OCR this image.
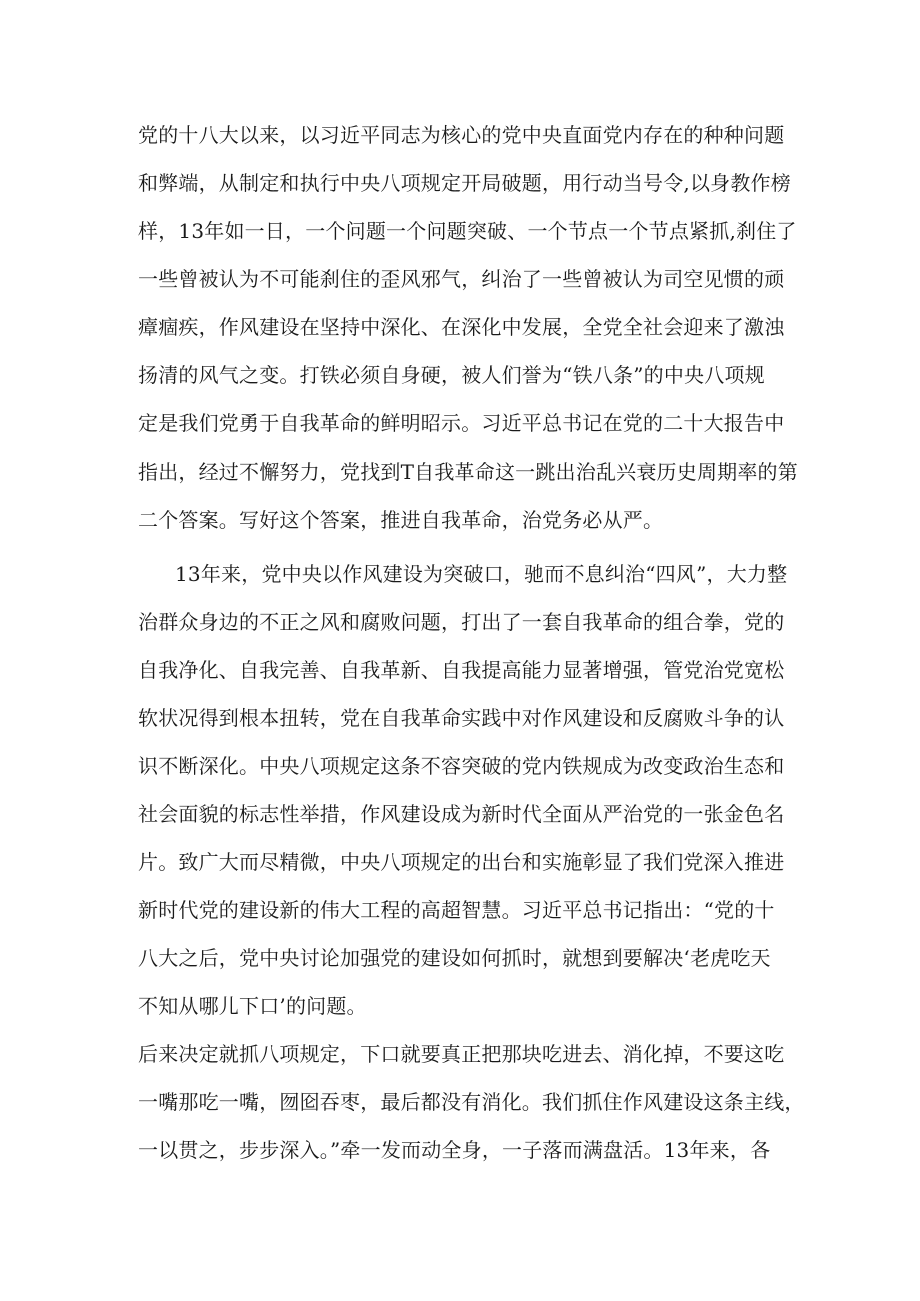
党的十八大以来，以习近平同志为核心的党中央直面党内存在的种种问题
和弊端，从制定和执行中央八项规定开局破题，用行动当号令,以身教作榜
样，13年如一日，一个问题一个问题突破、一个节点一个节点紧抓,刹住了
一些曾被认为不可能刹住的歪风邪气，纠治了一些曾被认为司空见惯的顽
瘴痼疾，作风建设在坚持中深化、在深化中发展，全党全社会迎来了激浊
扬清的风气之变。打铁必须自身硬，被人们誉为“铁八条”的中央八项规
定是我们党勇于自我革命的鲜明昭示。习近平总书记在党的二十大报告中
指出，经过不懈努力，党找到T自我革命这一跳出治乱兴衰历史周期率的第
二个答案。写好这个答案，推进自我革命，治党务必从严。
13年来，党中央以作风建设为突破口，驰而不息纠治“四风”，大力整
治群众身边的不正之风和腐败问题，打出了一套自我革命的组合拳，党的
自我净化、自我完善、自我革新、自我提高能力显著增强，管党治党宽松
软状况得到根本扭转，党在自我革命实践中对作风建设和反腐败斗争的认
识不断深化。中央八项规定这条不容突破的党内铁规成为改变政治生态和
社会面貌的标志性举措，作风建设成为新时代全面从严治党的一张金色名
片。致广大而尽精微，中央八项规定的出台和实施彰显了我们党深入推进
新时代党的建设新的伟大工程的高超智慧。习近平总书记指出：“党的十
八大之后，党中央讨论加强党的建设如何抓时，就想到要解决‘老虎吃天
不知从哪儿下口’的问题。
后来决定就抓八项规定，下口就要真正把那块吃进去、消化掉，不要这吃
一嘴那吃一嘴，囫囵吞枣，最后都没有消化。我们抓住作风建设这条主线，
一以贯之，步步深入。”牵一发而动全身，一子落而满盘活。13年来，各
